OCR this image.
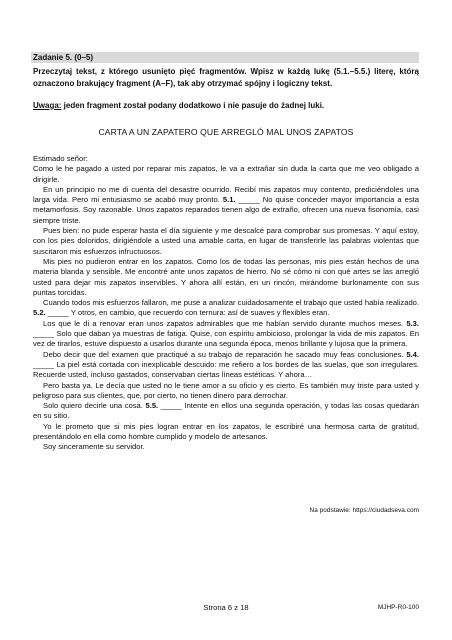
Zadanie 5. (0–5)
Przeczytaj tekst, z którego usunięto pięć fragmentów. Wpisz w każdą lukę (5.1.–5.5.) literę, którą oznaczono brakujący fragment (A–F), tak aby otrzymać spójny i logiczny tekst.
Uwaga: jeden fragment został podany dodatkowo i nie pasuje do żadnej luki.
CARTA A UN ZAPATERO QUE ARREGLÓ MAL UNOS ZAPATOS

Estimado señor:

Como le he pagado a usted por reparar mis zapatos, le va a extrañar sin duda la carta que me veo obligado a dirigirle.

En un principio no me di cuenta del desastre ocurrido. Recibí mis zapatos muy contento, prediciéndoles una larga vida. Pero mi entusiasmo se acabó muy pronto. 5.1. _____ No quise conceder mayor importancia a esta metamorfosis. Soy razonable. Unos zapatos reparados tienen algo de extraño, ofrecen una nueva fisonomía, casi siempre triste.

Pues bien: no pude esperar hasta el día siguiente y me descalcé para comprobar sus promesas. Y aquí estoy, con los pies doloridos, dirigiéndole a usted una amable carta, en lugar de transferirle las palabras violentas que suscitaron mis esfuerzos infructuosos.

Mis pies no pudieron entrar en los zapatos. Como los de todas las personas, mis pies están hechos de una materia blanda y sensible. Me encontré ante unos zapatos de hierro. No sé cómo ni con qué artes se las arregló usted para dejar mis zapatos inservibles. Y ahora allí están, en un rincón, mirándome burlonamente con sus puntas torcidas.

Cuando todos mis esfuerzos fallaron, me puse a analizar cuidadosamente el trabajo que usted había realizado. 5.2. _____ Y otros, en cambio, que recuerdo con ternura: así de suaves y flexibles eran.

Los que le di a renovar eran unos zapatos admirables que me habían servido durante muchos meses. 5.3. _____ Solo que daban ya muestras de fatiga. Quise, con espíritu ambicioso, prolongar la vida de mis zapatos. En vez de tirarlos, estuve dispuesto a usarlos durante una segunda época, menos brillante y lujosa que la primera.

Debo decir que del examen que practiqué a su trabajo de reparación he sacado muy feas conclusiones. 5.4. _____ La piel está cortada con inexplicable descuido: me refiero a los bordes de las suelas, que son irregulares. Recuerde usted, incluso gastados, conservaban ciertas líneas estéticas. Y ahora…

Pero basta ya. Le decía que usted no le tiene amor a su oficio y es cierto. Es también muy triste para usted y peligroso para sus clientes, que, por cierto, no tienen dinero para derrochar.

Solo quiero decirle una cosa. 5.5. _____ Intente en ellos una segunda operación, y todas las cosas quedarán en su sitio.

Yo le prometo que si mis pies logran entrar en los zapatos, le escribiré una hermosa carta de gratitud, presentándolo en ella como hombre cumplido y modelo de artesanos.

Soy sinceramente su servidor.

Na podstawie: https://ciudadseva.com
Strona 6 z 18	MJHP-R0-100
